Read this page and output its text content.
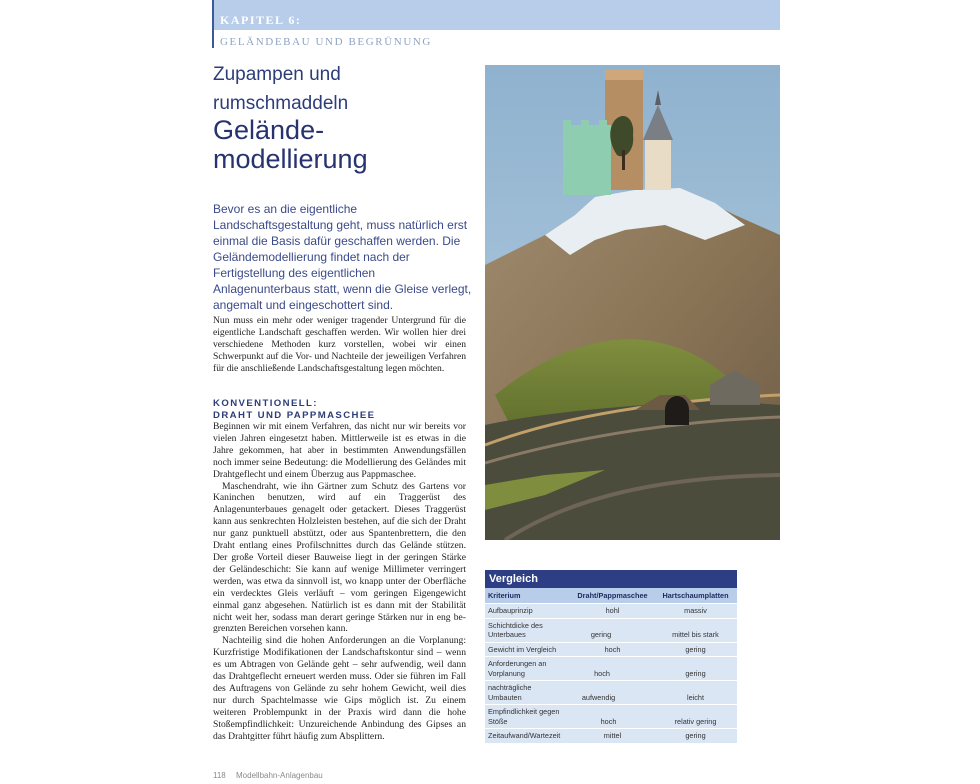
KAPITEL 6:
GELÄNDEBAU UND BEGRÜNUNG
Zupampen und rumschmaddeln
Gelände-modellierung
Bevor es an die eigentliche Landschaftsgestaltung geht, muss natürlich erst einmal die Basis dafür geschaffen werden. Die Geländemodellierung findet nach der Fertigstellung des eigentlichen Anlagenunterbaus statt, wenn die Gleise verlegt, angemalt und eingeschottert sind.

Nun muss ein mehr oder weniger tragender Untergrund für die eigentliche Landschaft geschaffen werden. Wir wollen hier drei verschiedene Methoden kurz vorstellen, wobei wir einen Schwerpunkt auf die Vor- und Nachteile der jeweiligen Verfahren für die anschließende Landschaftsgestaltung legen möchten.

KONVENTIONELL:
DRAHT UND PAPPMASCHEE

Beginnen wir mit einem Verfahren, das nicht nur wir bereits vor vielen Jahren eingesetzt haben. Mittlerweile ist es etwas in die Jahre gekommen, hat aber in bestimmten Anwendungsfällen noch immer seine Bedeutung: die Modellierung des Geländes mit Drahtgeflecht und einem Überzug aus Pappmaschee.

Maschendraht, wie ihn Gärtner zum Schutz des Gartens vor Kaninchen benutzen, wird auf ein Traggerüst des Anlagenunterbaues genagelt oder getackert. Dieses Traggerüst kann aus senkrechten Holzleisten bestehen, auf die sich der Draht nur ganz punktuell abstützt, oder aus Spantenbrettern, die den Draht entlang eines Profilschnittes durch das Gelände stützen. Der große Vorteil dieser Bauweise liegt in der geringen Stärke der Geländeschicht: Sie kann auf wenige Millimeter verringert werden, was etwa da sinnvoll ist, wo knapp unter der Oberfläche ein verdecktes Gleis verläuft – vom geringen Eigengewicht einmal ganz abgesehen. Natürlich ist es dann mit der Stabilität nicht weit her, sodass man derart geringe Stärken nur in eng be-grenzten Bereichen vorsehen kann.

Nachteilig sind die hohen Anforderungen an die Vorplanung: Kurzfristige Modifikationen der Landschaftskontur sind – wenn es um Abtragen von Gelände geht – sehr aufwendig, weil dann das Drahtgeflecht erneuert werden muss. Oder sie führen im Fall des Auftragens von Gelände zu sehr hohem Gewicht, weil dies nur durch Spachtelmasse wie Gips möglich ist. Zu einem weiteren Problempunkt in der Praxis wird dann die hohe Stoßempfindlichkeit: Unzureichende Anbindung des Gipses an das Drahtgitter führt häufig zum Absplittern.

Vergleich
Kriterium	Draht/Pappmaschee	Hartschaumplatten
Aufbauprinzip	hohl	massiv
Schichtdicke des Unterbaues	gering	mittel bis stark
Gewicht im Vergleich	hoch	gering
Anforderungen an Vorplanung	hoch	gering
nachträgliche Umbauten	aufwendig	leicht
Empfindlichkeit gegen Stöße	hoch	relativ gering
Zeitaufwand/Wartezeit	mittel	gering
118 Modellbahn-Anlagenbau
